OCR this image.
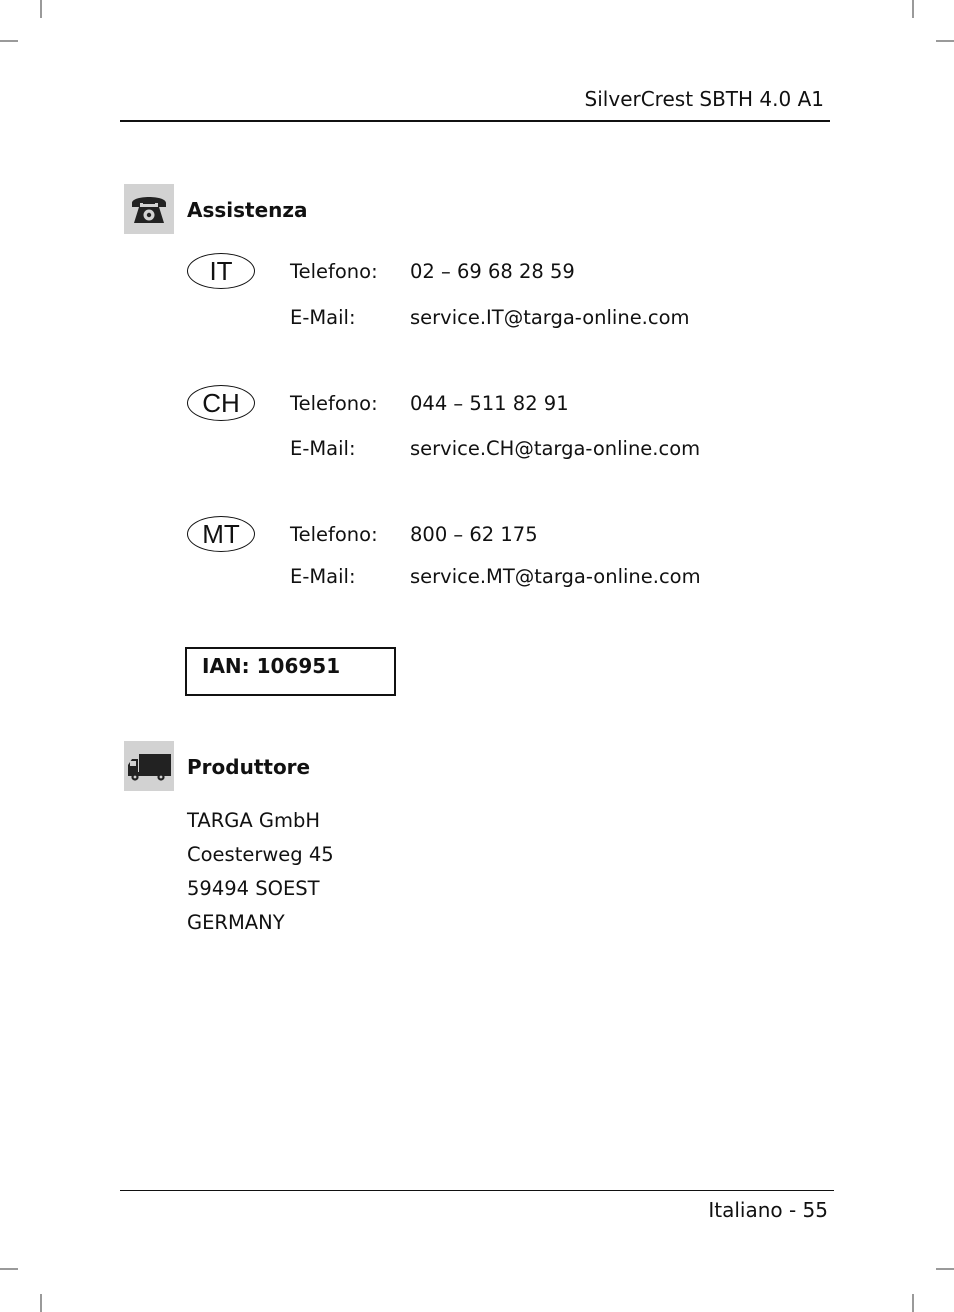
SilverCrest SBTH 4.0 A1
Assistenza
IT	Telefono: 02 – 69 68 28 59
E-Mail:	service.IT@targa-online.com
CH	Telefono: 044 – 511 82 91
E-Mail:	service.CH@targa-online.com
MT	Telefono: 800 – 62 175
E-Mail:	service.MT@targa-online.com
IAN: 106951
Produttore
TARGA GmbH
Coesterweg 45
59494 SOEST
GERMANY
Italiano - 55
